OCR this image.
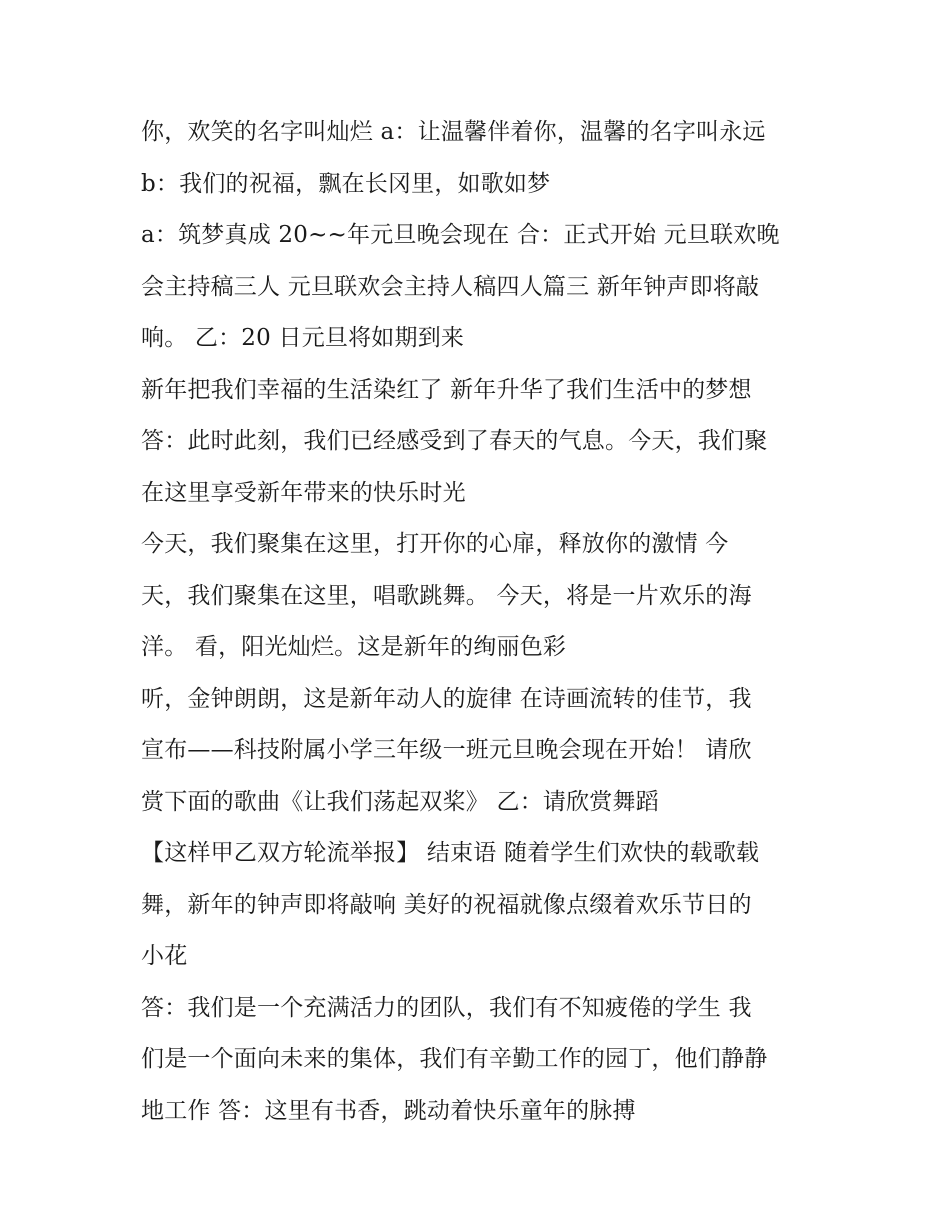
你，欢笑的名字叫灿烂 a：让温馨伴着你，温馨的名字叫永远
b：我们的祝福，飘在长冈里，如歌如梦
a：筑梦真成 20~~年元旦晚会现在 合：正式开始 元旦联欢晚
会主持稿三人 元旦联欢会主持人稿四人篇三 新年钟声即将敲
响。 乙：20 日元旦将如期到来
新年把我们幸福的生活染红了 新年升华了我们生活中的梦想
答：此时此刻，我们已经感受到了春天的气息。今天，我们聚
在这里享受新年带来的快乐时光
今天，我们聚集在这里，打开你的心扉，释放你的激情 今
天，我们聚集在这里，唱歌跳舞。 今天，将是一片欢乐的海
洋。 看，阳光灿烂。这是新年的绚丽色彩
听，金钟朗朗，这是新年动人的旋律 在诗画流转的佳节，我
宣布——科技附属小学三年级一班元旦晚会现在开始！ 请欣
赏下面的歌曲《让我们荡起双桨》 乙：请欣赏舞蹈
【这样甲乙双方轮流举报】 结束语 随着学生们欢快的载歌载
舞，新年的钟声即将敲响 美好的祝福就像点缀着欢乐节日的
小花
答：我们是一个充满活力的团队，我们有不知疲倦的学生 我
们是一个面向未来的集体，我们有辛勤工作的园丁，他们静静
地工作 答：这里有书香，跳动着快乐童年的脉搏
